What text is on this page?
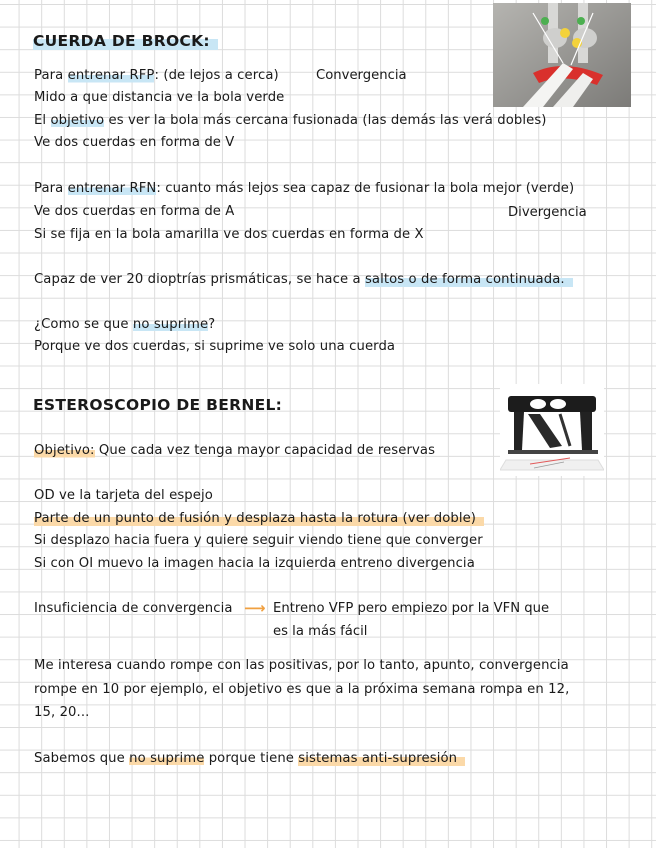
CUERDA DE BROCK:
Para entrenar RFP: (de lejos a cerca)	Convergencia
Mido a que distancia ve la bola verde
El objetivo es ver la bola más cercana fusionada (las demás las verá dobles)
Ve dos cuerdas en forma de V
Para entrenar RFN: cuanto más lejos sea capaz de fusionar la bola mejor (verde)
Ve dos cuerdas en forma de A	Divergencia
Si se fija en la bola amarilla ve dos cuerdas en forma de X
Capaz de ver 20 dioptrías prismáticas, se hace a saltos o de forma continuada.
¿Como se que no suprime?
Porque ve dos cuerdas, si suprime ve solo una cuerda
ESTEROSCOPIO DE BERNEL:
Objetivo: Que cada vez tenga mayor capacidad de reservas
OD ve la tarjeta del espejo
Parte de un punto de fusión y desplaza hasta la rotura (ver doble)
Si desplazo hacia fuera y quiere seguir viendo tiene que converger
Si con OI muevo la imagen hacia la izquierda entreno divergencia
Insuficiencia de convergencia ⟶ Entreno VFP pero empiezo por la VFN que
es la más fácil
Me interesa cuando rompe con las positivas, por lo tanto, apunto, convergencia
rompe en 10 por ejemplo, el objetivo es que a la próxima semana rompa en 12,
15, 20...
Sabemos que no suprime porque tiene sistemas anti-supresión
